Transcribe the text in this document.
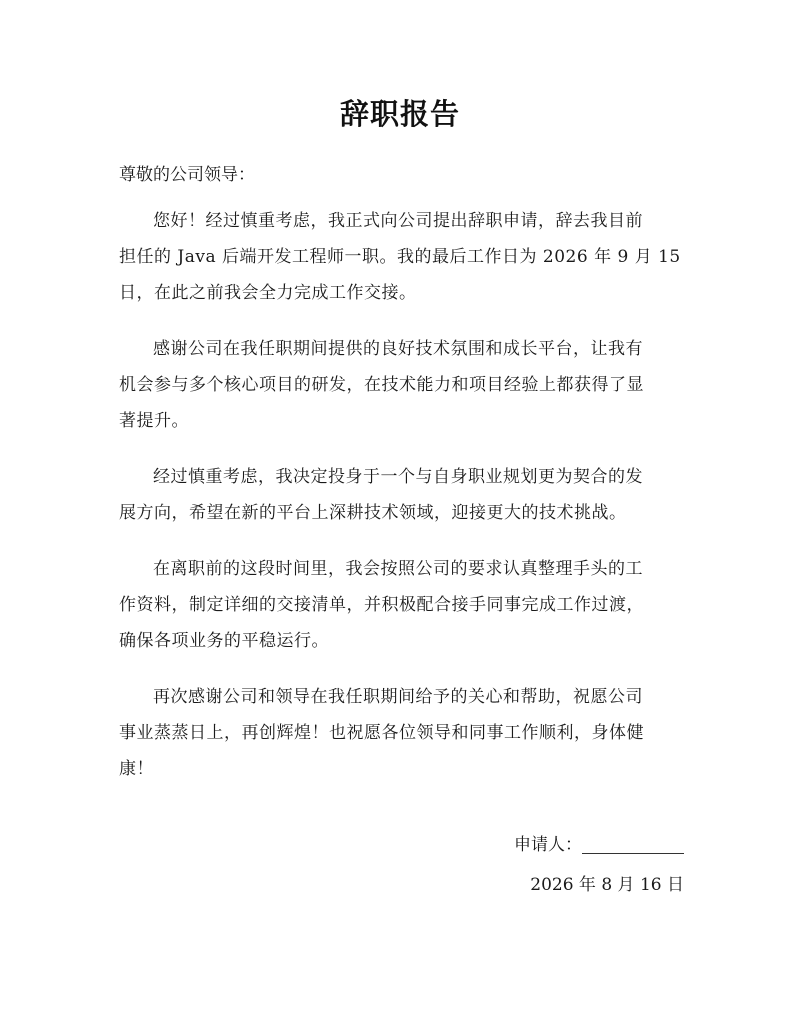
辞职报告
尊敬的公司领导：

您好！经过慎重考虑，我正式向公司提出辞职申请，辞去我目前
担任的 Java 后端开发工程师一职。我的最后工作日为 2026 年 9 月 15
日，在此之前我会全力完成工作交接。

感谢公司在我任职期间提供的良好技术氛围和成长平台，让我有
机会参与多个核心项目的研发，在技术能力和项目经验上都获得了显
著提升。

经过慎重考虑，我决定投身于一个与自身职业规划更为契合的发
展方向，希望在新的平台上深耕技术领域，迎接更大的技术挑战。

在离职前的这段时间里，我会按照公司的要求认真整理手头的工
作资料，制定详细的交接清单，并积极配合接手同事完成工作过渡，
确保各项业务的平稳运行。

再次感谢公司和领导在我任职期间给予的关心和帮助，祝愿公司
事业蒸蒸日上，再创辉煌！也祝愿各位领导和同事工作顺利，身体健
康！

申请人：
2026 年 8 月 16 日
